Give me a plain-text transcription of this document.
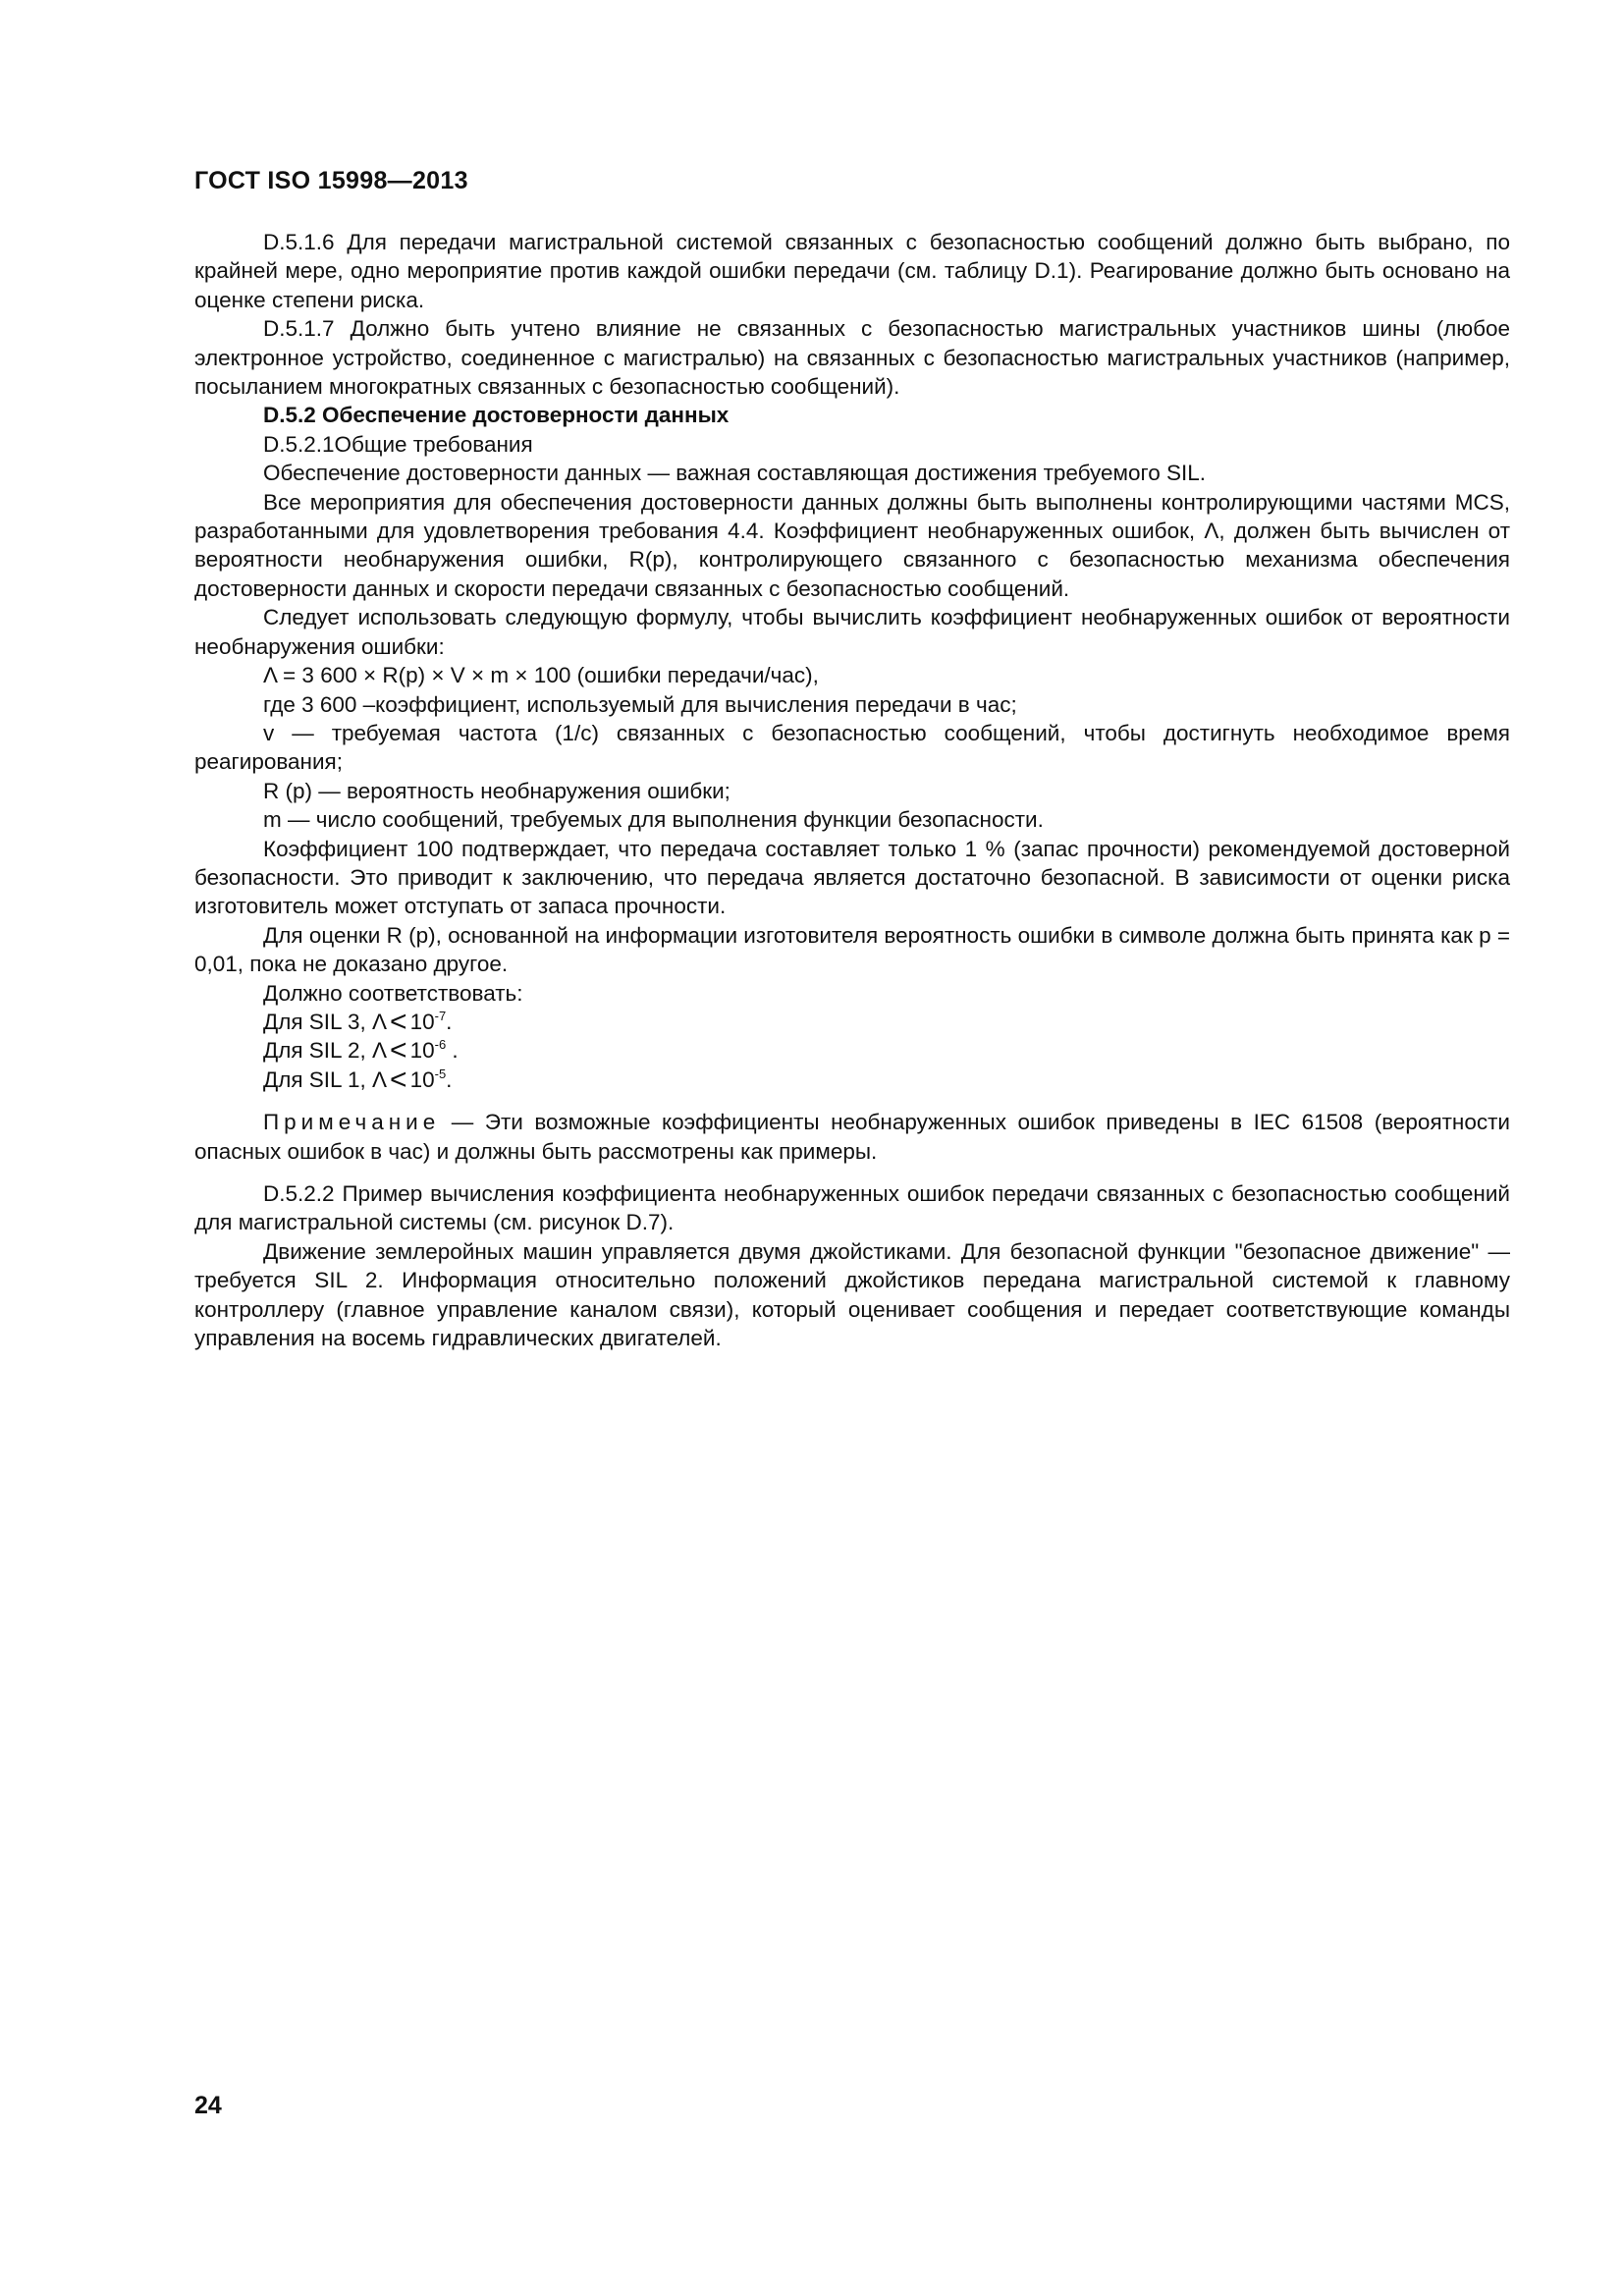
ГОСТ ISO 15998—2013

D.5.1.6 Для передачи магистральной системой связанных с безопасностью сообщений должно быть выбрано, по крайней мере, одно мероприятие против каждой ошибки передачи (см. таблицу D.1). Реагирование должно быть основано на оценке степени риска.

D.5.1.7 Должно быть учтено влияние не связанных с безопасностью магистральных участников шины (любое электронное устройство, соединенное с магистралью) на связанных с безопасностью магистральных участников (например, посыланием многократных связанных с безопасностью сообщений).

D.5.2 Обеспечение достоверности данных

D.5.2.1Общие требования

Обеспечение достоверности данных — важная составляющая достижения требуемого SIL.

Все мероприятия для обеспечения достоверности данных должны быть выполнены контролирующими частями MCS, разработанными для удовлетворения требования 4.4. Коэффициент необнаруженных ошибок, Λ, должен быть вычислен от вероятности необнаружения ошибки, R(p), контролирующего связанного с безопасностью механизма обеспечения достоверности данных и скорости передачи связанных с безопасностью сообщений.

Следует использовать следующую формулу, чтобы вычислить коэффициент необнаруженных ошибок от вероятности необнаружения ошибки:

Λ = 3 600 × R(p) × V × m × 100 (ошибки передачи/час),

где 3 600 –коэффициент, используемый для вычисления передачи в час;

v — требуемая частота (1/с) связанных с безопасностью сообщений, чтобы достигнуть необходимое время реагирования;

R (p) — вероятность необнаружения ошибки;

m — число сообщений, требуемых для выполнения функции безопасности.

Коэффициент 100 подтверждает, что передача составляет только 1 % (запас прочности) рекомендуемой достоверной безопасности. Это приводит к заключению, что передача является достаточно безопасной. В зависимости от оценки риска изготовитель может отступать от запаса прочности.

Для оценки R (p), основанной на информации изготовителя вероятность ошибки в символе должна быть принята как p = 0,01, пока не доказано другое.

Должно соответствовать:

Для SIL 3, $\Lambda < 10^{-7}$.

Для SIL 2, $\Lambda < 10^{-6}$ .

Для SIL 1, $\Lambda < 10^{-5}$.

Примечание — Эти возможные коэффициенты необнаруженных ошибок приведены в IEC 61508 (вероятности опасных ошибок в час) и должны быть рассмотрены как примеры.

D.5.2.2 Пример вычисления коэффициента необнаруженных ошибок передачи связанных с безопасностью сообщений для магистральной системы (см. рисунок D.7).

Движение землеройных машин управляется двумя джойстиками. Для безопасной функции "безопасное движение" — требуется SIL 2. Информация относительно положений джойстиков передана магистральной системой к главному контроллеру (главное управление каналом связи), который оценивает сообщения и передает соответствующие команды управления на восемь гидравлических двигателей.

24
